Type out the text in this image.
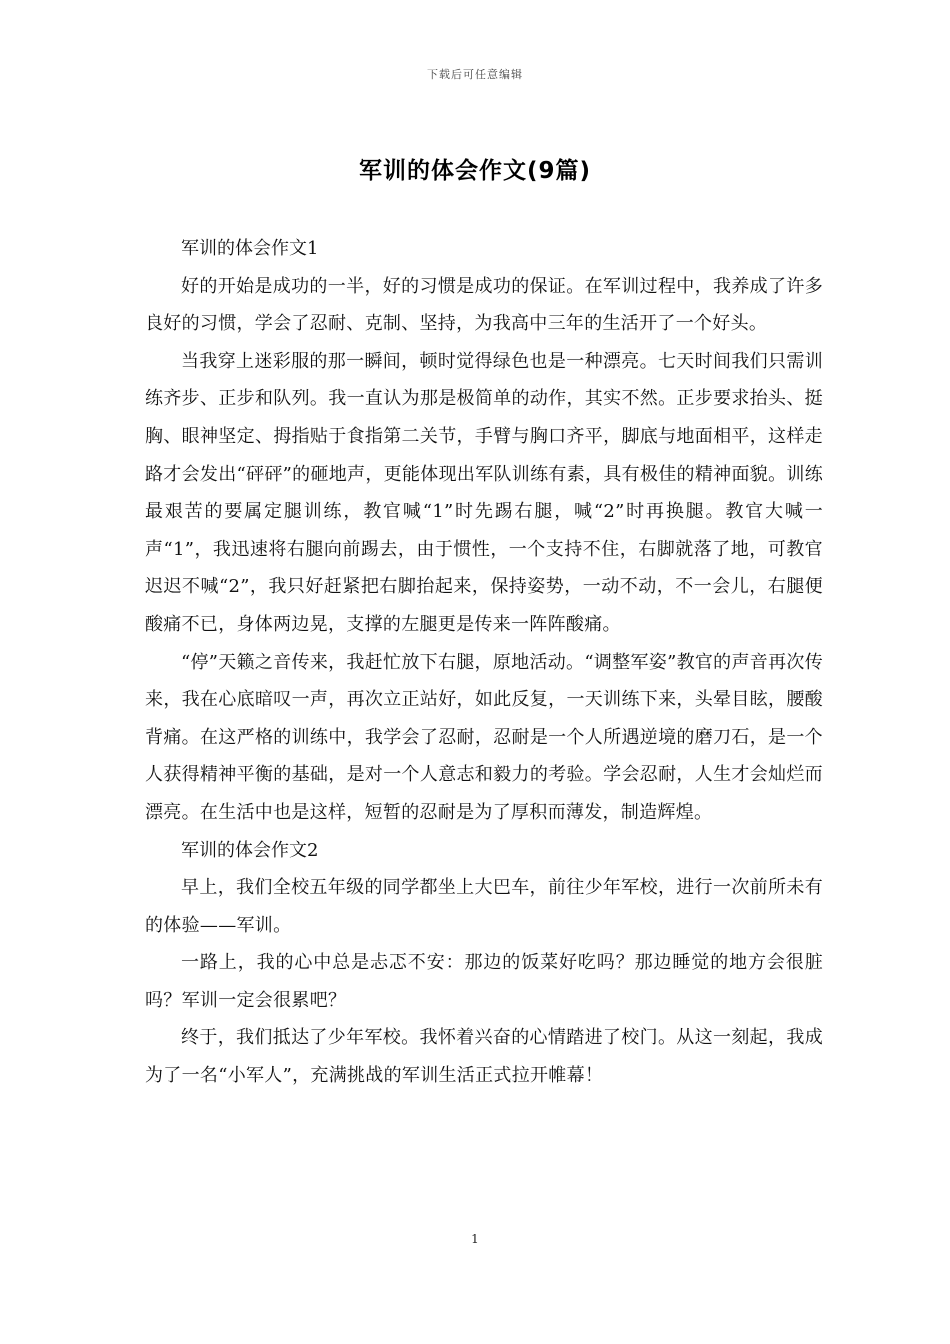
下载后可任意编辑
军训的体会作文(9篇)

军训的体会作文1

好的开始是成功的一半，好的习惯是成功的保证。在军训过程中，我养成了许多良好的习惯，学会了忍耐、克制、坚持，为我高中三年的生活开了一个好头。

当我穿上迷彩服的那一瞬间，顿时觉得绿色也是一种漂亮。七天时间我们只需训练齐步、正步和队列。我一直认为那是极简单的动作，其实不然。正步要求抬头、挺胸、眼神坚定、拇指贴于食指第二关节，手臂与胸口齐平，脚底与地面相平，这样走路才会发出“砰砰”的砸地声，更能体现出军队训练有素，具有极佳的精神面貌。训练最艰苦的要属定腿训练，教官喊“1”时先踢右腿，喊“2”时再换腿。教官大喊一声“1”，我迅速将右腿向前踢去，由于惯性，一个支持不住，右脚就落了地，可教官迟迟不喊“2”，我只好赶紧把右脚抬起来，保持姿势，一动不动，不一会儿，右腿便酸痛不已，身体两边晃，支撑的左腿更是传来一阵阵酸痛。

“停”天籁之音传来，我赶忙放下右腿，原地活动。“调整军姿”教官的声音再次传来，我在心底暗叹一声，再次立正站好，如此反复，一天训练下来，头晕目眩，腰酸背痛。在这严格的训练中，我学会了忍耐，忍耐是一个人所遇逆境的磨刀石，是一个人获得精神平衡的基础，是对一个人意志和毅力的考验。学会忍耐，人生才会灿烂而漂亮。在生活中也是这样，短暂的忍耐是为了厚积而薄发，制造辉煌。

军训的体会作文2

早上，我们全校五年级的同学都坐上大巴车，前往少年军校，进行一次前所未有的体验——军训。

一路上，我的心中总是忐忑不安：那边的饭菜好吃吗？那边睡觉的地方会很脏吗？军训一定会很累吧？

终于，我们抵达了少年军校。我怀着兴奋的心情踏进了校门。从这一刻起，我成为了一名“小军人”，充满挑战的军训生活正式拉开帷幕！

1
